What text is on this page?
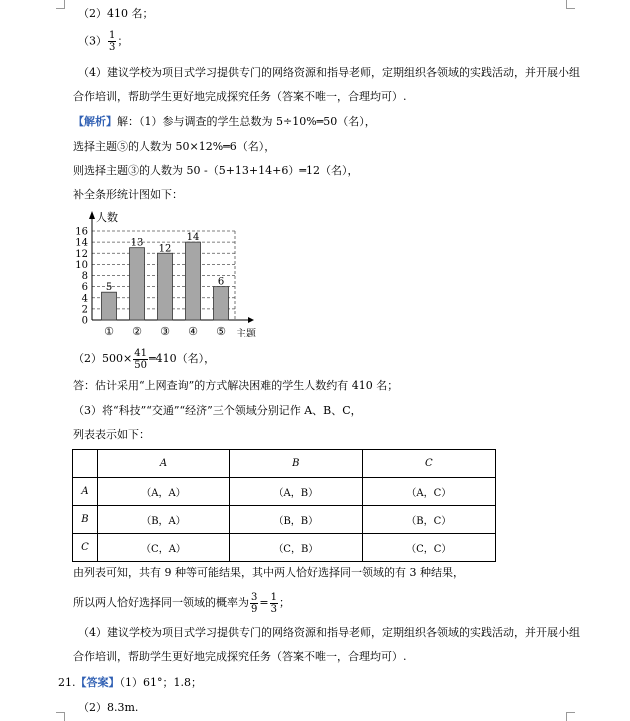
（2）410 名；
$(3) \frac{1}{3}$ ；
（4）建议学校为项目式学习提供专门的网络资源和指导老师，定期组织各领域的实践活动，并开展小组
合作培训，帮助学生更好地完成探究任务（答案不唯一，合理均可）.
【解析】解：（1）参与调查的学生总数为 5÷10%═50（名），
选择主题⑤的人数为 50×12%═6（名），
则选择主题③的人数为 50 -（5+13+14+6）═12（名），
补全条形统计图如下：
0
2
4
6
8
10
12
14
16
人数
主题
5
①
13
②
12
③
14
④
6
⑤
$(2)500\times \frac{41}{50}$ ═410（名），
答：估计采用“上网查询”的方式解决困难的学生人数约有 410 名；
（3）将“科技”“交通”“经济”三个领域分别记作 A、B、C，
列表表示如下：
	A	B	C
A	（A，A）	（A，B）	（A，C）
B	（B，A）	（B，B）	（B，C）
C	（C，A）	（C，B）	（C，C）
由列表可知，共有 9 种等可能结果，其中两人恰好选择同一领域的有 3 种结果，
所以两人恰好选择同一领域的概率为 $\frac{3}{9} = \frac{1}{3}$ ；
（4）建议学校为项目式学习提供专门的网络资源和指导老师，定期组织各领域的实践活动，并开展小组
合作培训，帮助学生更好地完成探究任务（答案不唯一，合理均可）.
21.【答案】（1）61°；1.8；
（2）8.3m.
